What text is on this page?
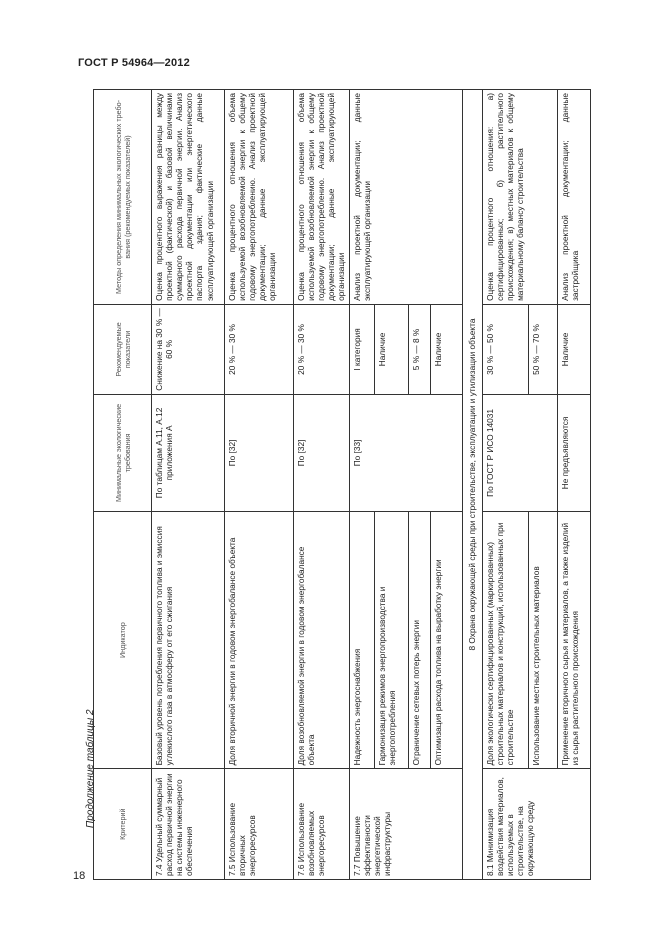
ГОСТ Р 54964—2012
Продолжение таблицы 2
18
Критерий	Индикатор	Минимальные экологические требования	Рекомендуемые показатели	Методы определения минимальных экологических требо-вания (рекомендуемых показателей)
7.4 Удельный суммарный расход первичной энергии на системы инженерного обеспечения	Базовый уровень потребления первичного топлива и эмиссия углекислого газа в атмосферу от его сжигания	По таблицам А.11, А.12 приложения А	Снижение на 30 % — 60 %	Оценка процентного выражения разницы между проектной (фактической) и базовой величинами суммарного расхода первичной энергии. Анализ проектной документации или энергетического паспорта здания; фактические данные эксплуатирующей организации
7.5 Использование вторичных энергоресурсов	Доля вторичной энергии в годовом энергобалансе объекта	По [32]	20 % — 30 %	Оценка процентного отношения объема используемой возобновляемой энергии к общему годовому энергопотреблению. Анализ проектной документации; данные эксплуатирующей организации
7.6 Использование возобновляемых энергоресурсов	Доля возобновляемой энергии в годовом энергобалансе объекта	По [32]	20 % — 30 %	Оценка процентного отношения объема используемой возобновляемой энергии к общему годовому энергопотреблению. Анализ проектной документации; данные эксплуатирующей организации
7.7 Повышение эффективности энергетической инфраструктуры	Надежность энергоснабжения	По [33]	I категория	Анализ проектной документации; данные эксплуатирующей организации
	Гармонизация режимов энергопроизводства и энергопотребления		Наличие	
	Ограничение сетевых потерь энергии		5 % — 8 %	
	Оптимизация расхода топлива на выработку энергии		Наличие	
8 Охрана окружающей среды при строительстве, эксплуатации и утилизации объекта				
8.1 Минимизация воздействия материалов, используемых в строительстве, на окружающую среду	Доля экологически сертифицированных (маркированных) строительных материалов и конструкций, использованных при строительстве	По ГОСТ Р ИСО 14031	30 % — 50 %	Оценка процентного отношения: а) сертифицированных; б) растительного происхождения; в) местных материалов к общему материальному балансу строительства
	Использование местных строительных материалов		50 % — 70 %	
	Применение вторичного сырья и материалов, а также изделий из сырья растительного происхождения	Не предъявляются	Наличие	Анализ проектной документации; данные застройщика
